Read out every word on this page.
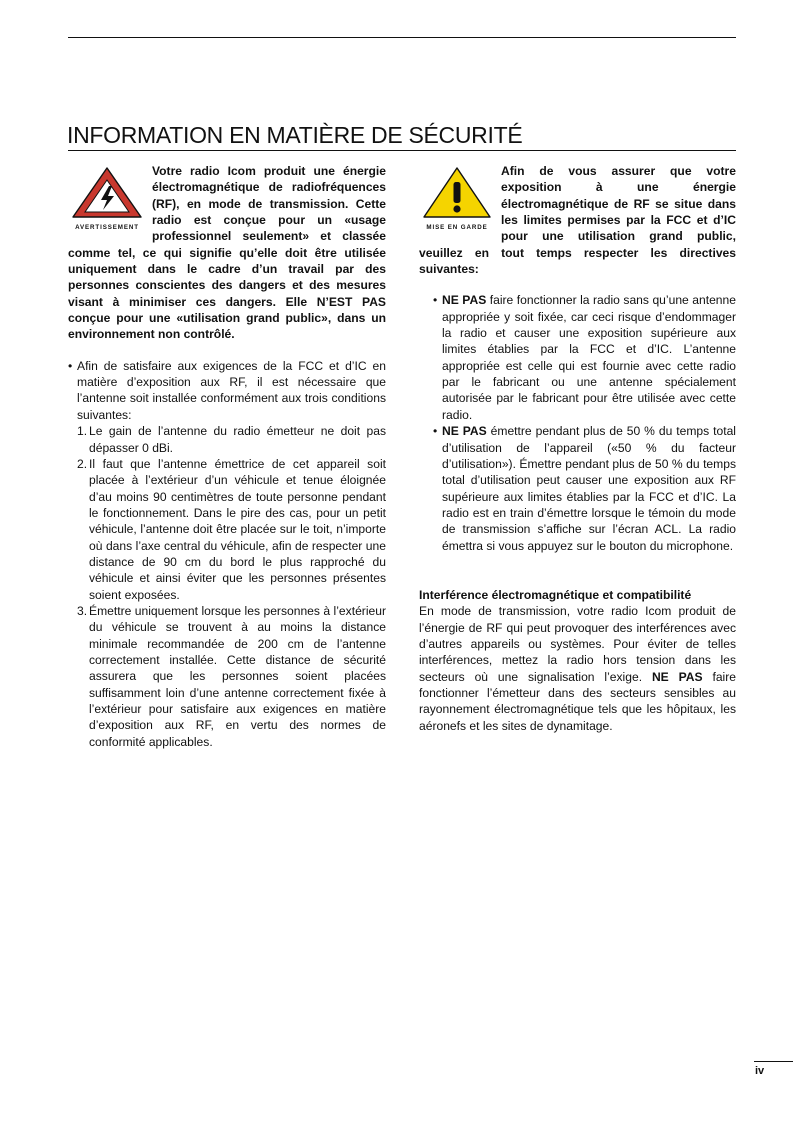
INFORMATION EN MATIÈRE DE SÉCURITÉ
AVERTISSEMENT

Votre radio Icom produit une énergie électromagnétique de radiofréquences (RF), en mode de transmission. Cette radio est conçue pour un «usage professionnel seulement» et classée comme tel, ce qui signifie qu’elle doit être utilisée uniquement dans le cadre d’un travail par des personnes conscientes des dangers et des mesures visant à minimiser ces dangers. Elle N’EST PAS conçue pour une «utilisation grand public», dans un environnement non contrôlé.

• Afin de satisfaire aux exigences de la FCC et d’IC en matière d’exposition aux RF, il est nécessaire que l’antenne soit installée conformément aux trois conditions suivantes:
1. Le gain de l’antenne du radio émetteur ne doit pas dépasser 0 dBi.
2. Il faut que l’antenne émettrice de cet appareil soit placée à l’extérieur d’un véhicule et tenue éloignée d’au moins 90 centimètres de toute personne pendant le fonctionnement. Dans le pire des cas, pour un petit véhicule, l’antenne doit être placée sur le toit, n’importe où dans l’axe central du véhicule, afin de respecter une distance de 90 cm du bord le plus rapproché du véhicule et ainsi éviter que les personnes présentes soient exposées.
3. Émettre uniquement lorsque les personnes à l’extérieur du véhicule se trouvent à au moins la distance minimale recommandée de 200 cm de l’antenne correctement installée. Cette distance de sécurité assurera que les personnes soient placées suffisamment loin d’une antenne correctement fixée à l’extérieur pour satisfaire aux exigences en matière d’exposition aux RF, en vertu des normes de conformité applicables.
MISE EN GARDE

Afin de vous assurer que votre exposition à une énergie électromagnétique de RF se situe dans les limites permises par la FCC et d’IC pour une utilisation grand public, veuillez en tout temps respecter les directives suivantes:

• NE PAS faire fonctionner la radio sans qu’une antenne appropriée y soit fixée, car ceci risque d’endommager la radio et causer une exposition supérieure aux limites établies par la FCC et d’IC. L’antenne appropriée est celle qui est fournie avec cette radio par le fabricant ou une antenne spécialement autorisée par le fabricant pour être utilisée avec cette radio.
• NE PAS émettre pendant plus de 50 % du temps total d’utilisation de l’appareil («50 % du facteur d’utilisation»). Émettre pendant plus de 50 % du temps total d’utilisation peut causer une exposition aux RF supérieure aux limites établies par la FCC et d’IC. La radio est en train d’émettre lorsque le témoin du mode de transmission s’affiche sur l’écran ACL. La radio émettra si vous appuyez sur le bouton du microphone.

Interférence électromagnétique et compatibilité

En mode de transmission, votre radio Icom produit de l’énergie de RF qui peut provoquer des interférences avec d’autres appareils ou systèmes. Pour éviter de telles interférences, mettez la radio hors tension dans les secteurs où une signalisation l’exige. NE PAS faire fonctionner l’émetteur dans des secteurs sensibles au rayonnement électromagnétique tels que les hôpitaux, les aéronefs et les sites de dynamitage.

iv
